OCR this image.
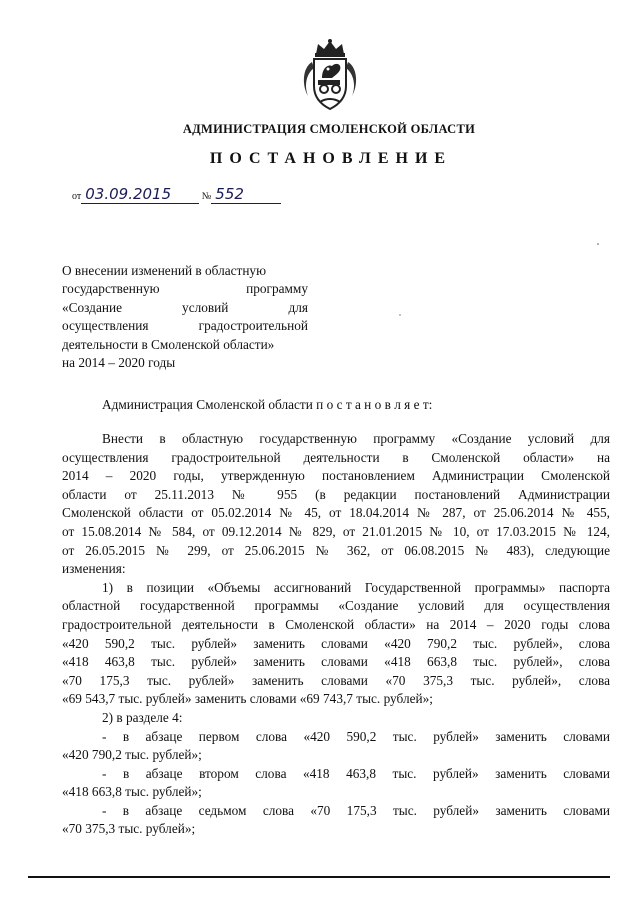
АДМИНИСТРАЦИЯ СМОЛЕНСКОЙ ОБЛАСТИ
ПОСТАНОВЛЕНИЕ
от 03.09.2015	№ 552
О внесении изменений в областную
государственную программу
«Создание условий для
осуществления градостроительной
деятельности в Смоленской области»
на 2014 – 2020 годы
Администрация Смоленской области п о с т а н о в л я е т:
Внести в областную государственную программу «Создание условий для
осуществления градостроительной деятельности в Смоленской области» на
2014 – 2020 годы, утвержденную постановлением Администрации Смоленской
области от 25.11.2013 № 955 (в редакции постановлений Администрации
Смоленской области от 05.02.2014 № 45, от 18.04.2014 № 287, от 25.06.2014 № 455,
от 15.08.2014 № 584, от 09.12.2014 № 829, от 21.01.2015 № 10, от 17.03.2015 № 124,
от 26.05.2015 № 299, от 25.06.2015 № 362, от 06.08.2015 № 483), следующие
изменения:
1) в позиции «Объемы ассигнований Государственной программы» паспорта
областной государственной программы «Создание условий для осуществления
градостроительной деятельности в Смоленской области» на 2014 – 2020 годы слова
«420 590,2 тыс. рублей» заменить словами «420 790,2 тыс. рублей», слова
«418 463,8 тыс. рублей» заменить словами «418 663,8 тыс. рублей», слова
«70 175,3 тыс. рублей» заменить словами «70 375,3 тыс. рублей», слова
«69 543,7 тыс. рублей» заменить словами «69 743,7 тыс. рублей»;
2) в разделе 4:
- в абзаце первом слова «420 590,2 тыс. рублей» заменить словами
«420 790,2 тыс. рублей»;
- в абзаце втором слова «418 463,8 тыс. рублей» заменить словами
«418 663,8 тыс. рублей»;
- в абзаце седьмом слова «70 175,3 тыс. рублей» заменить словами
«70 375,3 тыс. рублей»;
